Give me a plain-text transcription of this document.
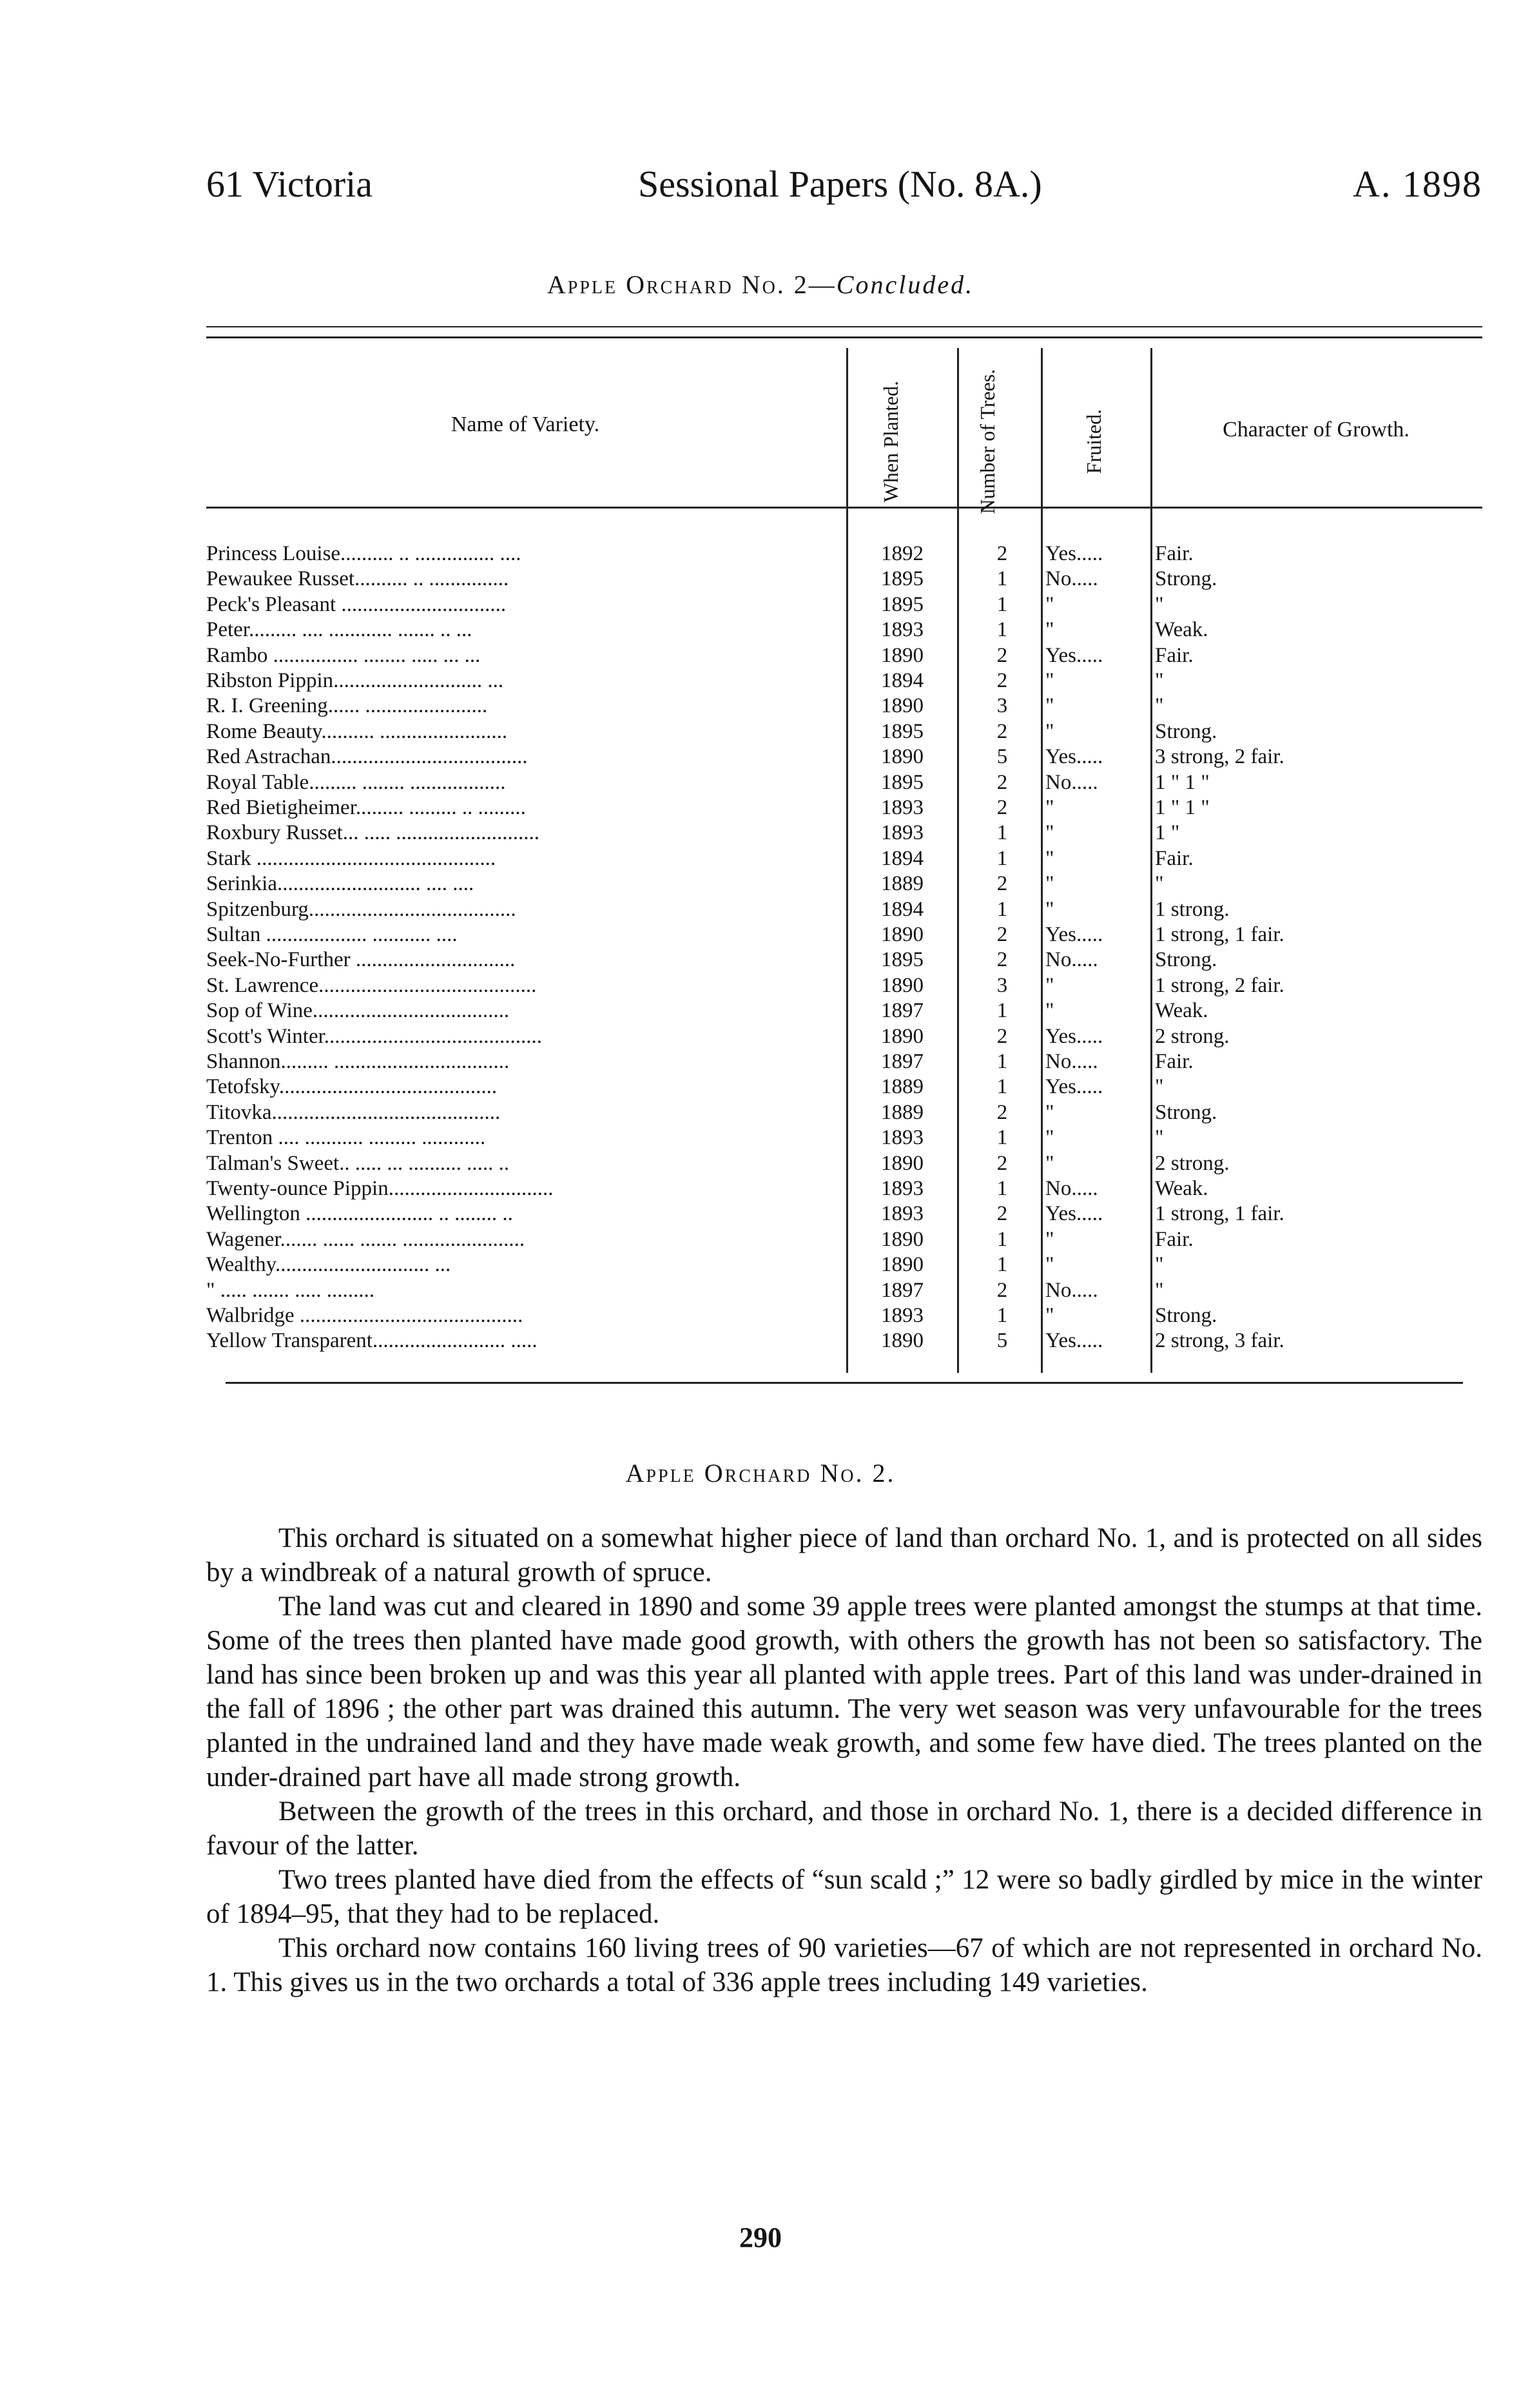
61 Victoria	Sessional Papers (No. 8A.)	A. 1898
Apple Orchard No. 2—Concluded.
Name of Variety.	When Planted.	Number of Trees.	Fruited.	Character of Growth.
Princess Louise.......... .. ............... ....	1892	2	Yes.....	Fair.
Pewaukee Russet.......... .. ...............	1895	1	No.....	Strong.
Peck's Pleasant ...............................	1895	1	"	"
Peter......... .... ............ ....... .. ...	1893	1	"	Weak.
Rambo ................ ........ ..... ... ...	1890	2	Yes.....	Fair.
Ribston Pippin............................ ...	1894	2	"	"
R. I. Greening...... .......................	1890	3	"	"
Rome Beauty.......... ........................	1895	2	"	Strong.
Red Astrachan.....................................	1890	5	Yes.....	3 strong, 2 fair.
Royal Table......... ........ ..................	1895	2	No.....	1 " 1 "
Red Bietigheimer......... ......... .. .........	1893	2	"	1 " 1 "
Roxbury Russet... ..... ...........................	1893	1	"	1 "
Stark .............................................	1894	1	"	Fair.
Serinkia........................... .... ....	1889	2	"	"
Spitzenburg.......................................	1894	1	"	1 strong.
Sultan ................... ........... ....	1890	2	Yes.....	1 strong, 1 fair.
Seek-No-Further ..............................	1895	2	No.....	Strong.
St. Lawrence.........................................	1890	3	"	1 strong, 2 fair.
Sop of Wine.....................................	1897	1	"	Weak.
Scott's Winter.........................................	1890	2	Yes.....	2 strong.
Shannon......... .................................	1897	1	No.....	Fair.
Tetofsky.........................................	1889	1	Yes.....	"
Titovka...........................................	1889	2	"	Strong.
Trenton .... ........... ......... ............	1893	1	"	"
Talman's Sweet.. ..... ... .......... ..... ..	1890	2	"	2 strong.
Twenty-ounce Pippin...............................	1893	1	No.....	Weak.
Wellington ........................ .. ........ ..	1893	2	Yes.....	1 strong, 1 fair.
Wagener....... ...... ....... .......................	1890	1	"	Fair.
Wealthy............................. ...	1890	1	"	"
" ..... ....... ..... .........	1897	2	No.....	"
Walbridge ..........................................	1893	1	"	Strong.
Yellow Transparent......................... .....	1890	5	Yes.....	2 strong, 3 fair.
Apple Orchard No. 2.

This orchard is situated on a somewhat higher piece of land than orchard No. 1, and is protected on all sides by a windbreak of a natural growth of spruce.

The land was cut and cleared in 1890 and some 39 apple trees were planted amongst the stumps at that time. Some of the trees then planted have made good growth, with others the growth has not been so satisfactory. The land has since been broken up and was this year all planted with apple trees. Part of this land was under-drained in the fall of 1896 ; the other part was drained this autumn. The very wet season was very unfavourable for the trees planted in the undrained land and they have made weak growth, and some few have died. The trees planted on the under-drained part have all made strong growth.

Between the growth of the trees in this orchard, and those in orchard No. 1, there is a decided difference in favour of the latter.

Two trees planted have died from the effects of “sun scald ;” 12 were so badly girdled by mice in the winter of 1894–95, that they had to be replaced.

This orchard now contains 160 living trees of 90 varieties—67 of which are not represented in orchard No. 1. This gives us in the two orchards a total of 336 apple trees including 149 varieties.

290
